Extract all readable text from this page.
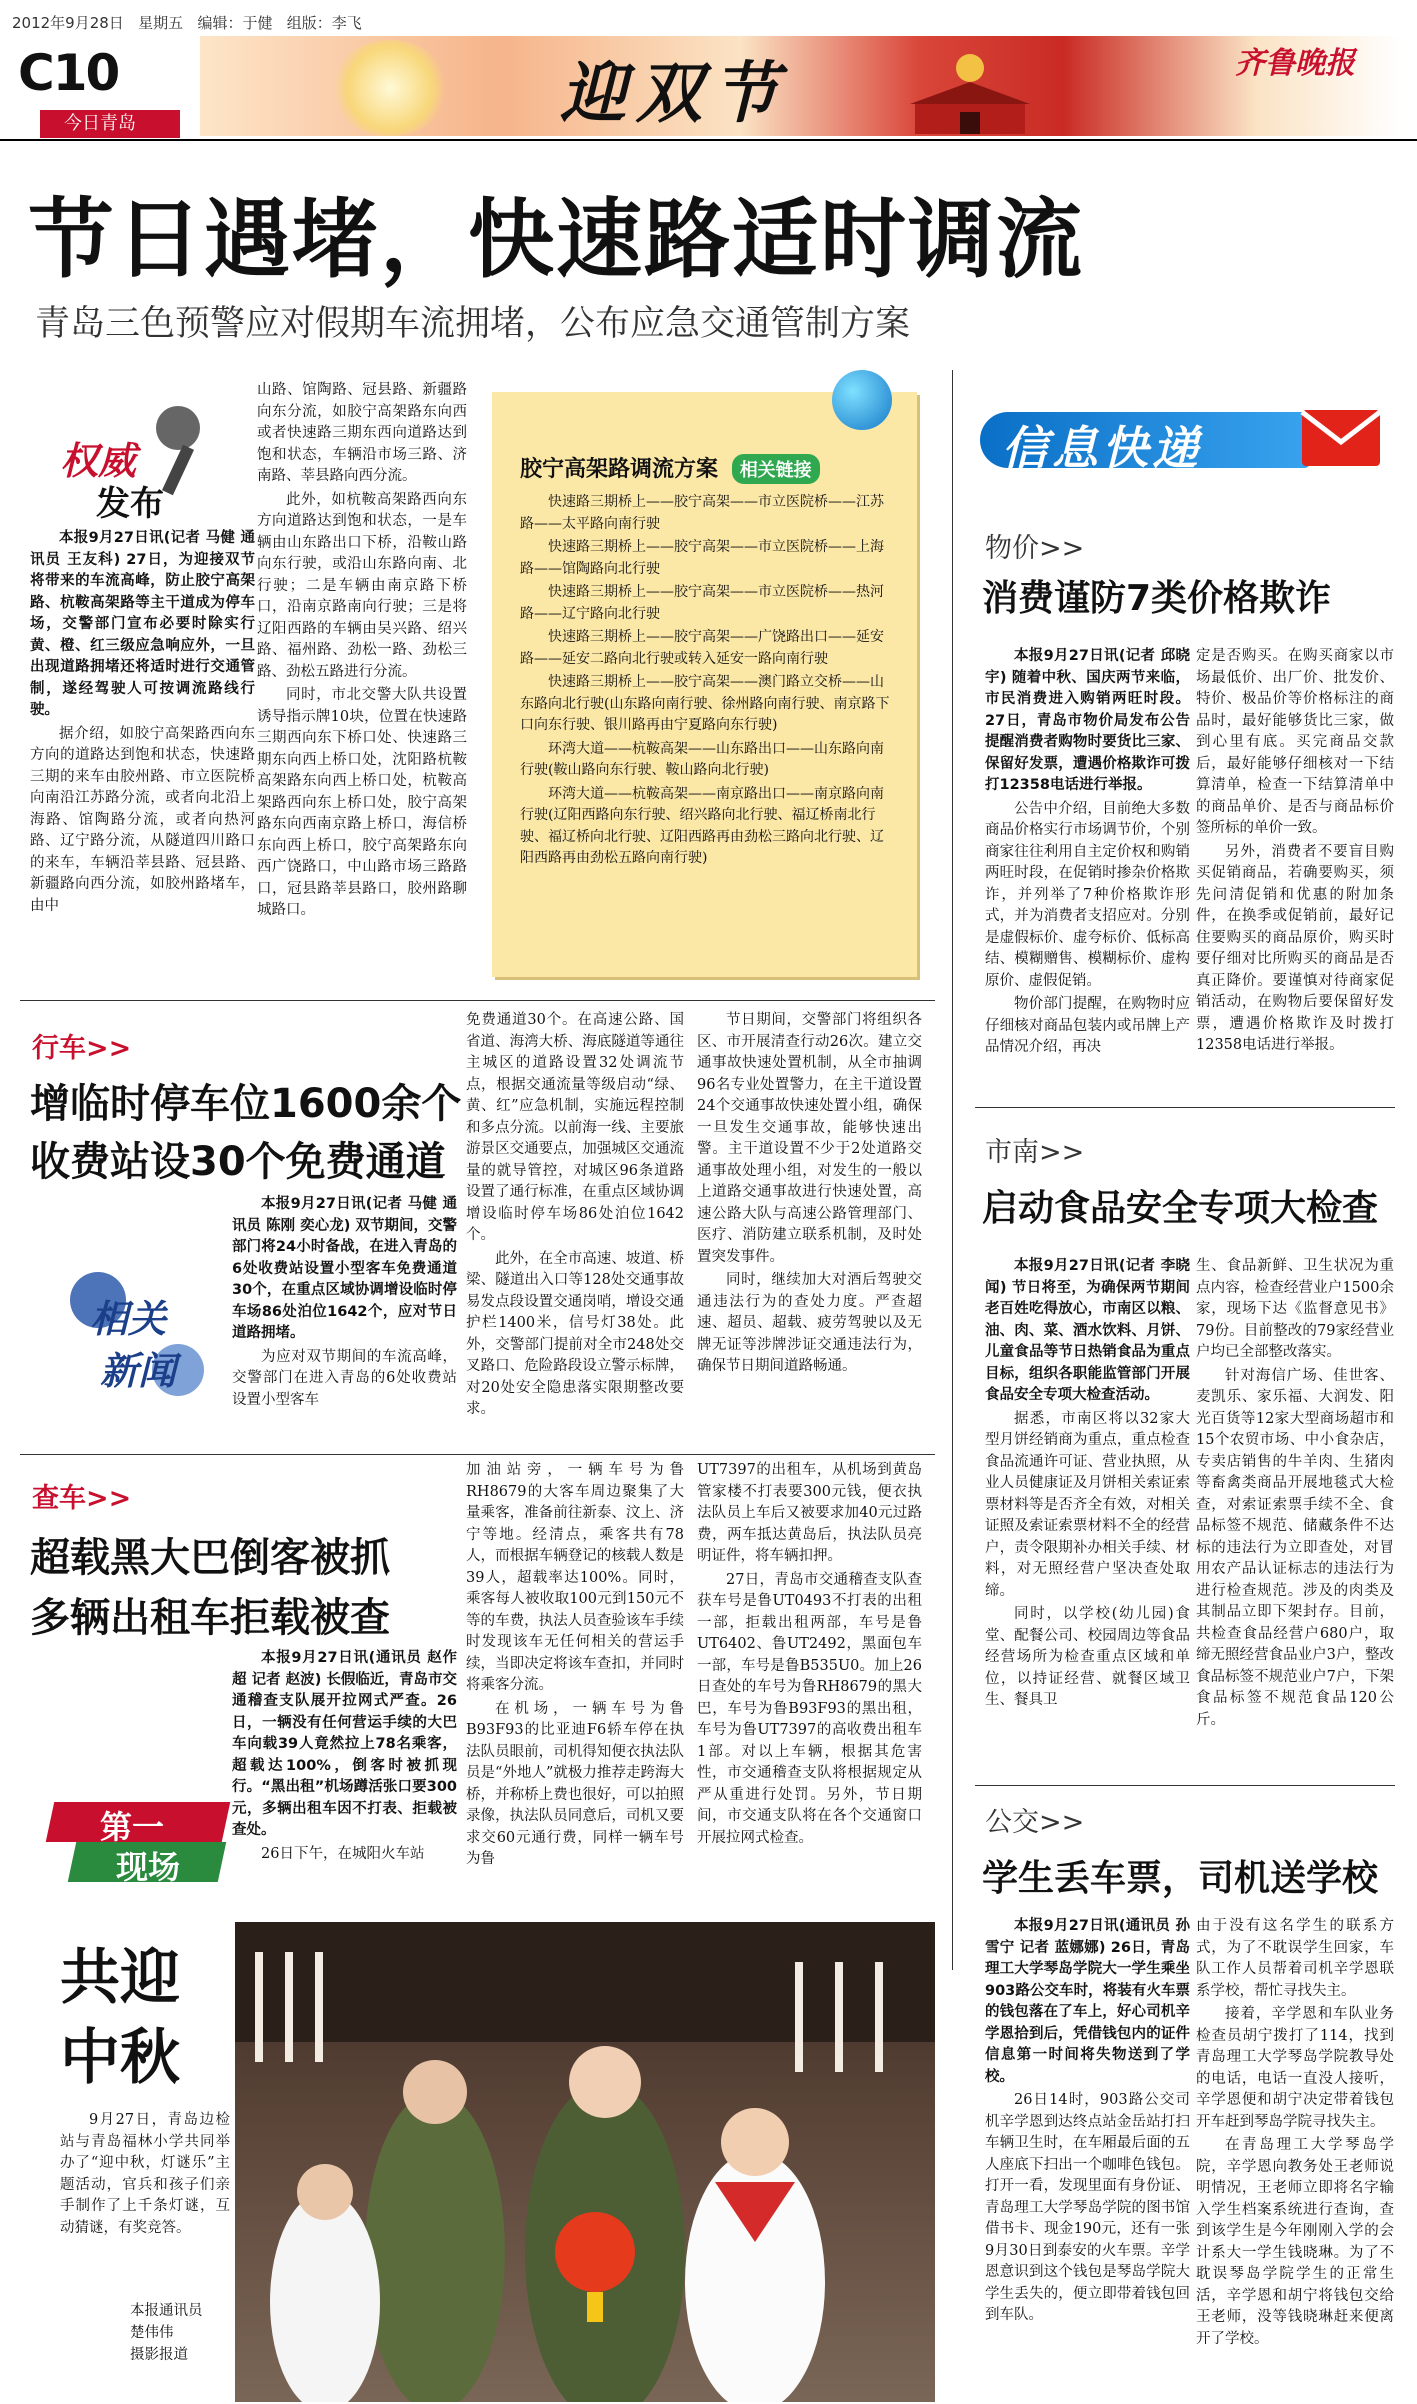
2012年9月28日 星期五 编辑：于健 组版：李飞
C10
今日青岛	迎双节	齐鲁晚报
节日遇堵，快速路适时调流
青岛三色预警应对假期车流拥堵，公布应急交通管制方案
权威
发布

本报9月27日讯(记者 马健 通讯员 王友科) 27日，为迎接双节将带来的车流高峰，防止胶宁高架路、杭鞍高架路等主干道成为停车场，交警部门宣布必要时除实行黄、橙、红三级应急响应外，一旦出现道路拥堵还将适时进行交通管制，遂经驾驶人可按调流路线行驶。

据介绍，如胶宁高架路西向东方向的道路达到饱和状态，快速路三期的来车由胶州路、市立医院桥向南沿江苏路分流，或者向北沿上海路、馆陶路分流，或者向热河路、辽宁路分流，从隧道四川路口的来车，车辆沿莘县路、冠县路、新疆路向西分流，如胶州路堵车，由中

山路、馆陶路、冠县路、新疆路向东分流，如胶宁高架路东向西或者快速路三期东西向道路达到饱和状态，车辆沿市场三路、济南路、莘县路向西分流。

此外，如杭鞍高架路西向东方向道路达到饱和状态，一是车辆由山东路出口下桥，沿鞍山路向东行驶，或沿山东路向南、北行驶；二是车辆由南京路下桥口，沿南京路南向行驶；三是将辽阳西路的车辆由吴兴路、绍兴路、福州路、劲松一路、劲松三路、劲松五路进行分流。

同时，市北交警大队共设置诱导指示牌10块，位置在快速路三期西向东下桥口处、快速路三期东向西上桥口处，沈阳路杭鞍高架路东向西上桥口处，杭鞍高架路西向东上桥口处，胶宁高架路东向西南京路上桥口，海信桥东向西上桥口，胶宁高架路东向西广饶路口，中山路市场三路路口，冠县路莘县路口，胶州路聊城路口。

胶宁高架路调流方案 相关链接
快速路三期桥上——胶宁高架——市立医院桥——江苏路——太平路向南行驶
快速路三期桥上——胶宁高架——市立医院桥——上海路——馆陶路向北行驶
快速路三期桥上——胶宁高架——市立医院桥——热河路——辽宁路向北行驶
快速路三期桥上——胶宁高架——广饶路出口——延安路——延安二路向北行驶或转入延安一路向南行驶
快速路三期桥上——胶宁高架——澳门路立交桥——山东路向北行驶(山东路向南行驶、徐州路向南行驶、南京路下口向东行驶、银川路再由宁夏路向东行驶)
环湾大道——杭鞍高架——山东路出口——山东路向南行驶(鞍山路向东行驶、鞍山路向北行驶)
环湾大道——杭鞍高架——南京路出口——南京路向南行驶(辽阳西路向东行驶、绍兴路向北行驶、福辽桥南北行驶、福辽桥向北行驶、辽阳西路再由劲松三路向北行驶、辽阳西路再由劲松五路向南行驶)
信息快递
物价>>
消费谨防7类价格欺诈

本报9月27日讯(记者 邱晓宇) 随着中秋、国庆两节来临，市民消费进入购销两旺时段。27日，青岛市物价局发布公告提醒消费者购物时要货比三家、保留好发票，遭遇价格欺诈可拨打12358电话进行举报。

公告中介绍，目前绝大多数商品价格实行市场调节价，个别商家往往利用自主定价权和购销两旺时段，在促销时掺杂价格欺诈，并列举了7种价格欺诈形式，并为消费者支招应对。分别是虚假标价、虚夸标价、低标高结、模糊赠售、模糊标价、虚构原价、虚假促销。

物价部门提醒，在购物时应仔细核对商品包装内或吊牌上产品情况介绍，再决

定是否购买。在购买商家以市场最低价、出厂价、批发价、特价、极品价等价格标注的商品时，最好能够货比三家，做到心里有底。买完商品交款后，最好能够仔细核对一下结算清单，检查一下结算清单中的商品单价、是否与商品标价签所标的单价一致。

另外，消费者不要盲目购买促销商品，若确要购买，须先问清促销和优惠的附加条件，在换季或促销前，最好记住要购买的商品原价，购买时要仔细对比所购买的商品是否真正降价。要谨慎对待商家促销活动，在购物后要保留好发票，遭遇价格欺诈及时拨打12358电话进行举报。

市南>>
启动食品安全专项大检查

本报9月27日讯(记者 李晓闻) 节日将至，为确保两节期间老百姓吃得放心，市南区以粮、油、肉、菜、酒水饮料、月饼、儿童食品等节日热销食品为重点目标，组织各职能监管部门开展食品安全专项大检查活动。

据悉，市南区将以32家大型月饼经销商为重点，重点检查食品流通许可证、营业执照，从业人员健康证及月饼相关索证索票材料等是否齐全有效，对相关证照及索证索票材料不全的经营户，责令限期补办相关手续、材料，对无照经营户坚决查处取缔。

同时，以学校(幼儿园)食堂、配餐公司、校园周边等食品经营场所为检查重点区域和单位，以持证经营、就餐区域卫生、餐具卫

生、食品新鲜、卫生状况为重点内容，检查经营业户1500余家，现场下达《监督意见书》79份。目前整改的79家经营业户均已全部整改落实。

针对海信广场、佳世客、麦凯乐、家乐福、大润发、阳光百货等12家大型商场超市和15个农贸市场、中小食杂店，专卖店销售的牛羊肉、生猪肉等畜禽类商品开展地毯式大检查，对索证索票手续不全、食品标签不规范、储藏条件不达标的违法行为立即查处，对冒用农产品认证标志的违法行为进行检查规范。涉及的肉类及其制品立即下架封存。目前，共检查食品经营户680户，取缔无照经营食品业户3户，整改食品标签不规范业户7户，下架食品标签不规范食品120公斤。

公交>>
学生丢车票，司机送学校

本报9月27日讯(通讯员 孙雪宁 记者 蓝娜娜) 26日，青岛理工大学琴岛学院大一学生乘坐903路公交车时，将装有火车票的钱包落在了车上，好心司机辛学恩拾到后，凭借钱包内的证件信息第一时间将失物送到了学校。

26日14时，903路公交司机辛学恩到达终点站金岳站打扫车辆卫生时，在车厢最后面的五人座底下扫出一个咖啡色钱包。打开一看，发现里面有身份证、青岛理工大学琴岛学院的图书馆借书卡、现金190元，还有一张9月30日到泰安的火车票。辛学恩意识到这个钱包是琴岛学院大学生丢失的，便立即带着钱包回到车队。

由于没有这名学生的联系方式，为了不耽误学生回家，车队工作人员帮着司机辛学恩联系学校，帮忙寻找失主。

接着，辛学恩和车队业务检查员胡宁拨打了114，找到青岛理工大学琴岛学院教导处的电话，电话一直没人接听，辛学恩便和胡宁决定带着钱包开车赶到琴岛学院寻找失主。

在青岛理工大学琴岛学院，辛学恩向教务处王老师说明情况，王老师立即将名字输入学生档案系统进行查询，查到该学生是今年刚刚入学的会计系大一学生钱晓琳。为了不耽误琴岛学院学生的正常生活，辛学恩和胡宁将钱包交给王老师，没等钱晓琳赶来便离开了学校。

行车>>
增临时停车位1600余个
收费站设30个免费通道
相关
新闻

本报9月27日讯(记者 马健 通讯员 陈刚 奕心龙) 双节期间，交警部门将24小时备战，在进入青岛的6处收费站设置小型客车免费通道30个，在重点区域协调增设临时停车场86处泊位1642个，应对节日道路拥堵。

为应对双节期间的车流高峰，交警部门在进入青岛的6处收费站设置小型客车

免费通道30个。在高速公路、国省道、海湾大桥、海底隧道等通往主城区的道路设置32处调流节点，根据交通流量等级启动“绿、黄、红”应急机制，实施远程控制和多点分流。以前海一线、主要旅游景区交通要点，加强城区交通流量的就导管控，对城区96条道路设置了通行标准，在重点区域协调增设临时停车场86处泊位1642个。

此外，在全市高速、坡道、桥梁、隧道出入口等128处交通事故易发点段设置交通岗哨，增设交通护栏1400米，信号灯38处。此外，交警部门提前对全市248处交叉路口、危险路段设立警示标牌，对20处安全隐患落实限期整改要求。

节日期间，交警部门将组织各区、市开展清查行动26次。建立交通事故快速处置机制，从全市抽调96名专业处置警力，在主干道设置24个交通事故快速处置小组，确保一旦发生交通事故，能够快速出警。主干道设置不少于2处道路交通事故处理小组，对发生的一般以上道路交通事故进行快速处置，高速公路大队与高速公路管理部门、医疗、消防建立联系机制，及时处置突发事件。

同时，继续加大对酒后驾驶交通违法行为的查处力度。严查超速、超员、超载、疲劳驾驶以及无牌无证等涉牌涉证交通违法行为，确保节日期间道路畅通。

查车>>
超载黑大巴倒客被抓
多辆出租车拒载被查
第一
现场

本报9月27日讯(通讯员 赵作超 记者 赵波) 长假临近，青岛市交通稽查支队展开拉网式严查。26日，一辆没有任何营运手续的大巴车向载39人竟然拉上78名乘客，超载达100%，倒客时被抓现行。“黑出租”机场蹲活张口要300元，多辆出租车因不打表、拒载被查处。

26日下午，在城阳火车站

加油站旁，一辆车号为鲁RH8679的大客车周边聚集了大量乘客，准备前往新泰、汶上、济宁等地。经清点，乘客共有78人，而根据车辆登记的核载人数是39人，超载率达100%。同时，乘客每人被收取100元到150元不等的车费，执法人员查验该车手续时发现该车无任何相关的营运手续，当即决定将该车查扣，并同时将乘客分流。

在机场，一辆车号为鲁B93F93的比亚迪F6轿车停在执法队员眼前，司机得知便衣执法队员是“外地人”就极力推荐走跨海大桥，并称桥上费也很好，可以拍照录像，执法队员同意后，司机又要求交60元通行费，同样一辆车号为鲁

UT7397的出租车，从机场到黄岛管家楼不打表要300元钱，便衣执法队员上车后又被要求加40元过路费，两车抵达黄岛后，执法队员亮明证件，将车辆扣押。

27日，青岛市交通稽查支队查获车号是鲁UT0493不打表的出租一部，拒载出租两部，车号是鲁UT6402、鲁UT2492，黑面包车一部，车号是鲁B535U0。加上26日查处的车号为鲁RH8679的黑大巴，车号为鲁B93F93的黑出租，车号为鲁UT7397的高收费出租车1部。对以上车辆，根据其危害性，市交通稽查支队将根据规定从严从重进行处罚。另外，节日期间，市交通支队将在各个交通窗口开展拉网式检查。

共迎
中秋

9月27日，青岛边检站与青岛福林小学共同举办了“迎中秋，灯谜乐”主题活动，官兵和孩子们亲手制作了上千条灯谜，互动猜谜，有奖竞答。

本报通讯员
楚伟伟
摄影报道
